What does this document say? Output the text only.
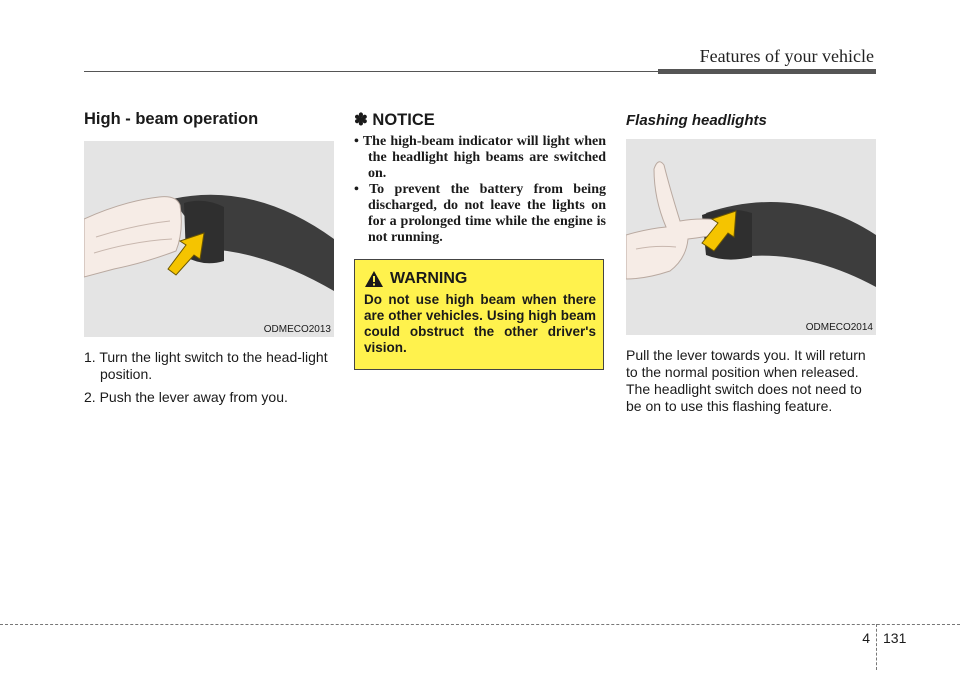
Features of your vehicle
High - beam operation
ODMECO2013
1. Turn the light switch to the head-light position.
2. Push the lever away from you.
✽ NOTICE
• The high-beam indicator will light when the headlight high beams are switched on.
• To prevent the battery from being discharged, do not leave the lights on for a prolonged time while the engine is not running.
WARNING
Do not use high beam when there are other vehicles. Using high beam could obstruct the other driver's vision.
Flashing headlights
ODMECO2014
Pull the lever towards you. It will return to the normal position when released. The headlight switch does not need to be on to use this flashing feature.
4 131
